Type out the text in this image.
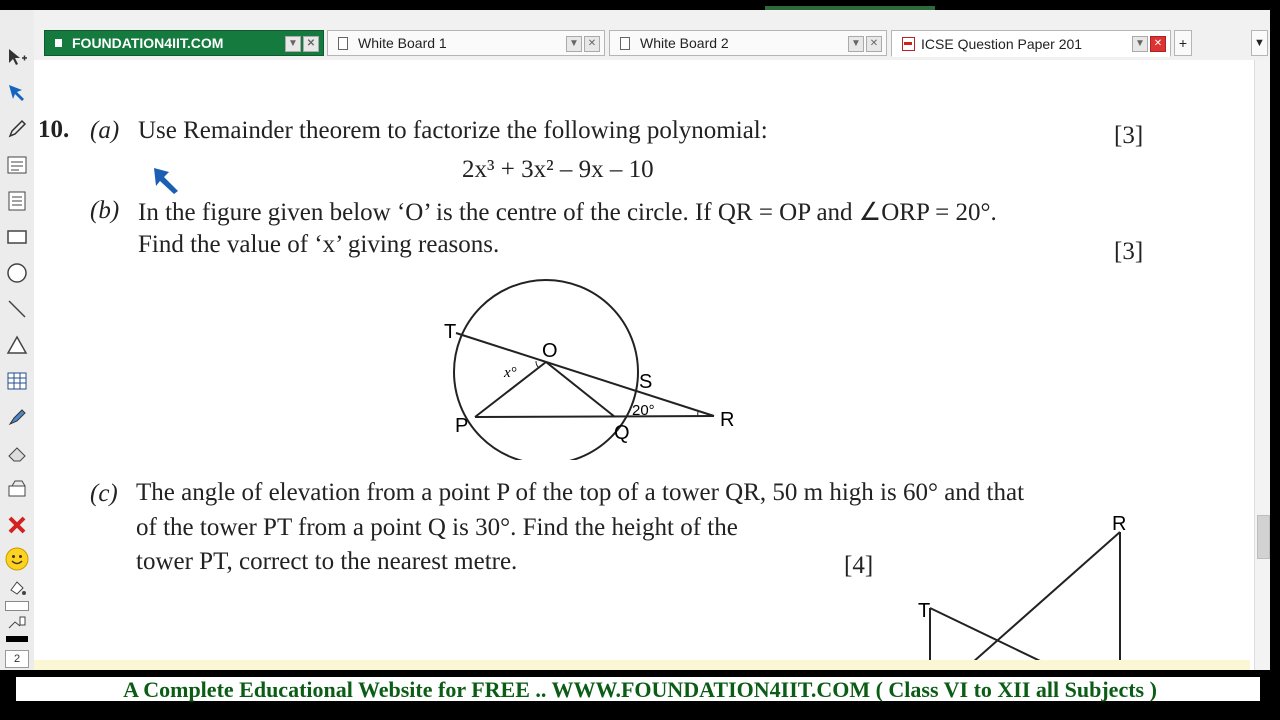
2
FOUNDATION4IIT.COM	▼ ✕	White Board 1	▼ ✕	White Board 2	▼ ✕	ICSE Question Paper 201	▼ ✕ +	▼
10. (a) Use Remainder theorem to factorize the following polynomial:	[3]
2x³ + 3x² – 9x – 10
(b) In the figure given below ‘O’ is the centre of the circle. If QR = OP and ∠ORP = 20°.
Find the value of ‘x’ giving reasons.	[3]
T
O
S
P	Q
R
x°
20°
(c) The angle of elevation from a point P of the top of a tower QR, 50 m high is 60° and that
of the tower PT from a point Q is 30°. Find the height of the
tower PT, correct to the nearest metre.	[4]
R
T
A Complete Educational Website for FREE .. WWW.FOUNDATION4IIT.COM ( Class VI to XII all Subjects )
